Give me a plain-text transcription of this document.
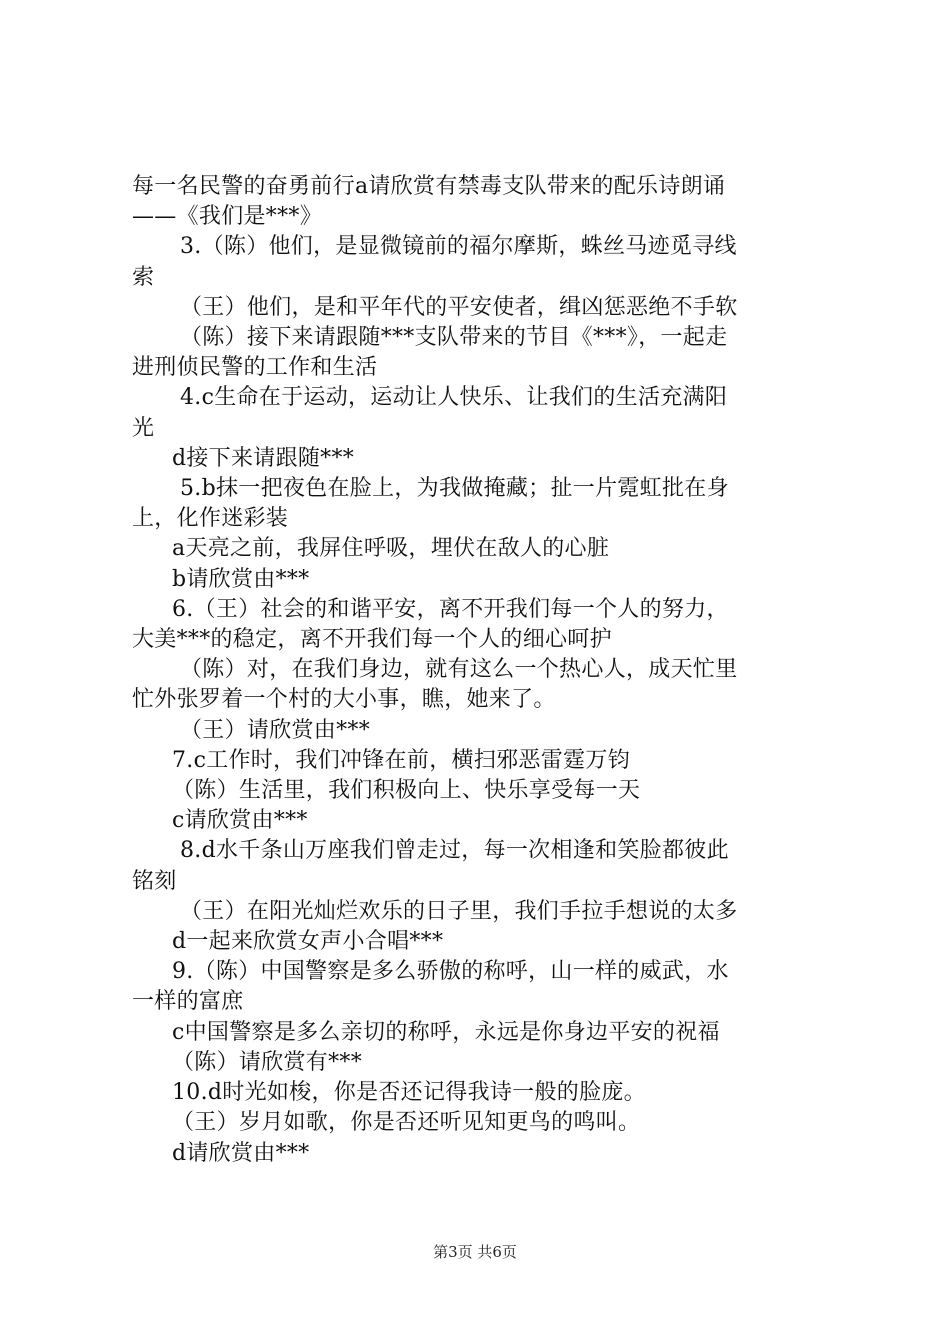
每一名民警的奋勇前行a请欣赏有禁毒支队带来的配乐诗朗诵
——《我们是***》
3.（陈）他们，是显微镜前的福尔摩斯，蛛丝马迹觅寻线
索
（王）他们，是和平年代的平安使者，缉凶惩恶绝不手软
（陈）接下来请跟随***支队带来的节目《***》，一起走
进刑侦民警的工作和生活
4.c生命在于运动，运动让人快乐、让我们的生活充满阳
光
d接下来请跟随***
5.b抹一把夜色在脸上，为我做掩藏；扯一片霓虹批在身
上，化作迷彩装
a天亮之前，我屏住呼吸，埋伏在敌人的心脏
b请欣赏由***
6.（王）社会的和谐平安，离不开我们每一个人的努力，
大美***的稳定，离不开我们每一个人的细心呵护
（陈）对，在我们身边，就有这么一个热心人，成天忙里
忙外张罗着一个村的大小事，瞧，她来了。
（王）请欣赏由***
7.c工作时，我们冲锋在前，横扫邪恶雷霆万钧
（陈）生活里，我们积极向上、快乐享受每一天
c请欣赏由***
8.d水千条山万座我们曾走过，每一次相逢和笑脸都彼此
铭刻
（王）在阳光灿烂欢乐的日子里，我们手拉手想说的太多
d一起来欣赏女声小合唱***
9.（陈）中国警察是多么骄傲的称呼，山一样的威武，水
一样的富庶
c中国警察是多么亲切的称呼，永远是你身边平安的祝福
（陈）请欣赏有***
10.d时光如梭，你是否还记得我诗一般的脸庞。
（王）岁月如歌，你是否还听见知更鸟的鸣叫。
d请欣赏由***
第3页 共6页
